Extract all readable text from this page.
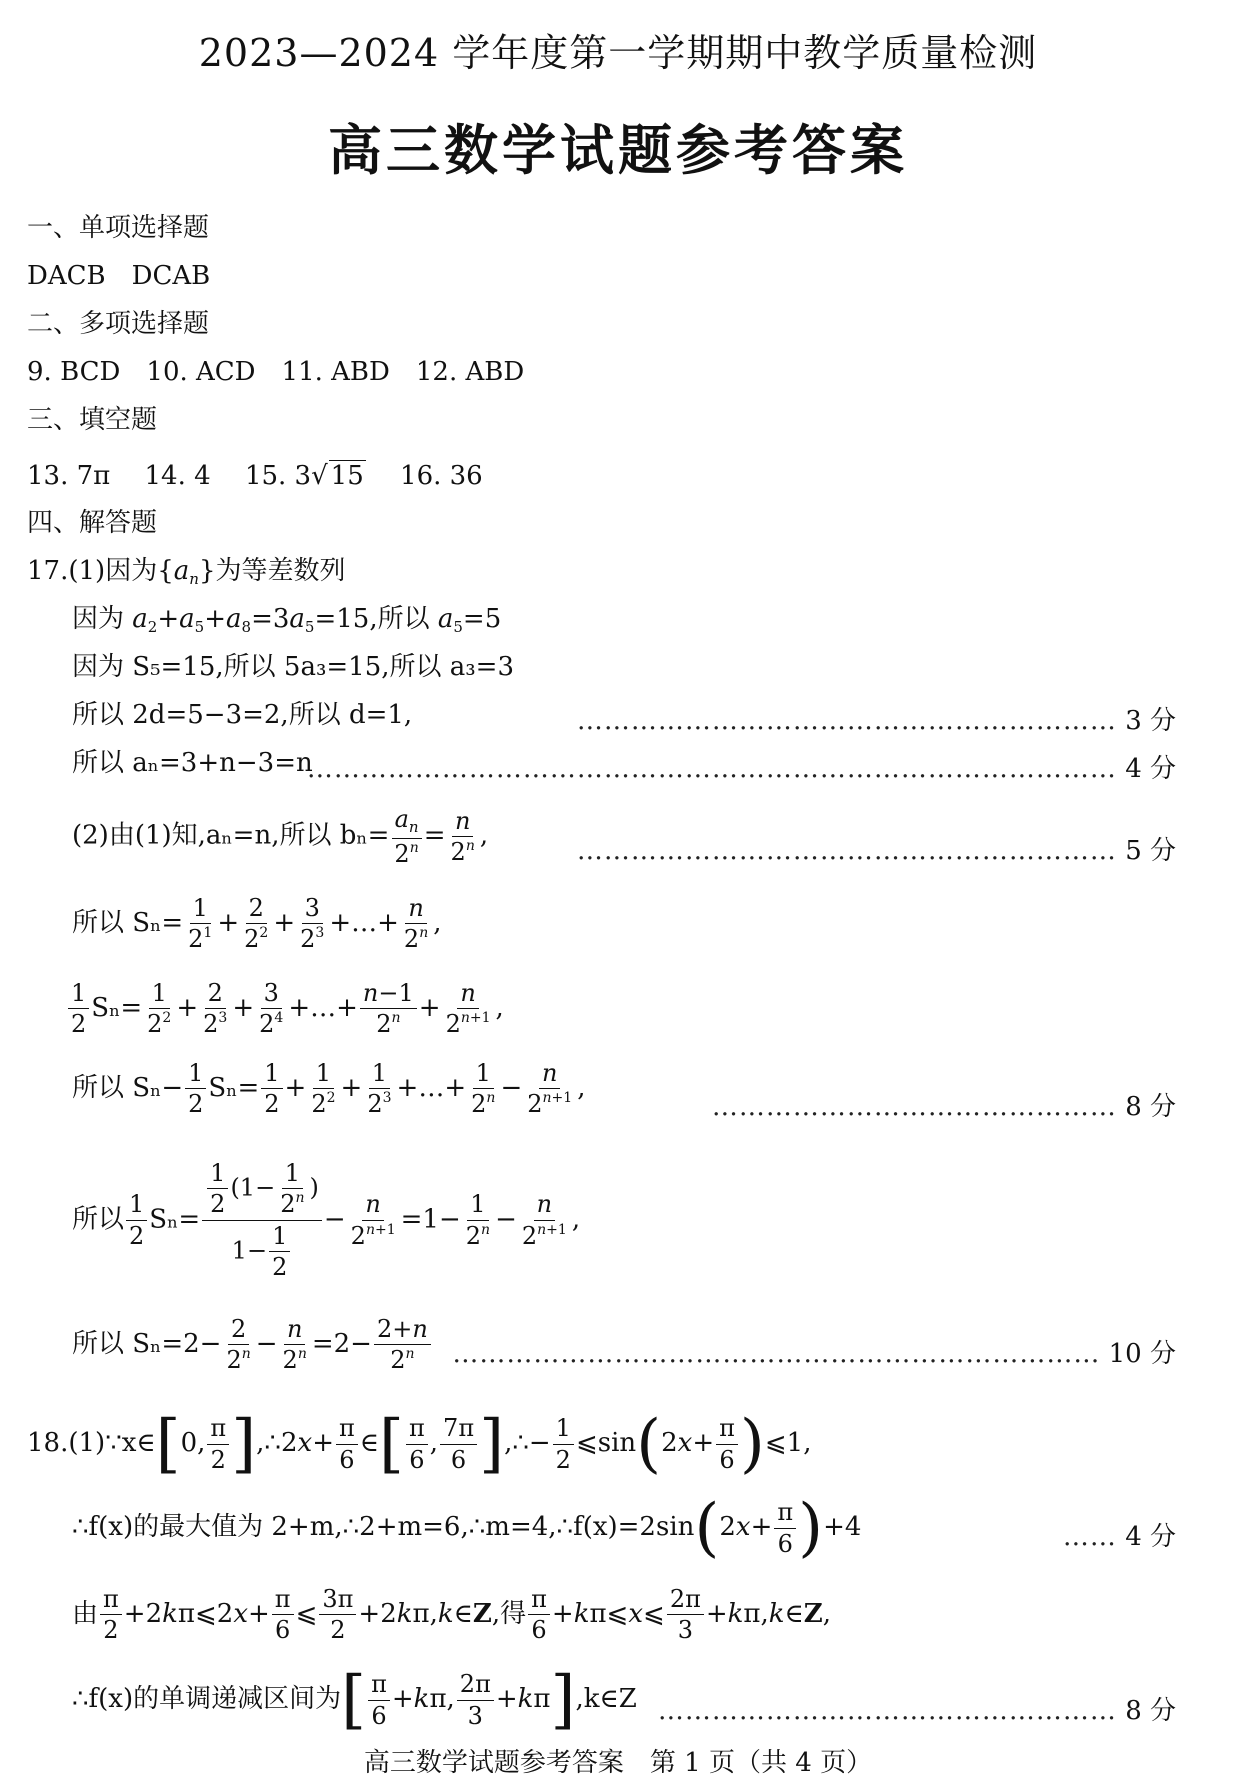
2023—2024 学年度第一学期期中教学质量检测
高三数学试题参考答案
一、单项选择题
DACB　DCAB
二、多项选择题
9. BCD　10. ACD　11. ABD　12. ABD
三、填空题
13. 7π　 14. 4　 15. 3√ 15　 16. 36
四、解答题
17.(1)因为$\{a_n\}$为等差数列
因为 $a_2+a_5+a_8=3a_5=15$,所以 $a_5=5$
因为 S₅=15,所以 5a₃=15,所以 a₃=3
所以 2d=5−3=2,所以 d=1,	…………………………………………………… 3 分
所以 aₙ=3+n−3=n
……………………………………………………………………………… 4 分
(2)由(1)知,aₙ=n,所以 $b_n= \frac{a_n}{2^n} = \frac{n}{2^n}$ ,
…………………………………………………… 5 分
所以 $S_n= \frac{1}{2^1} + \frac{2}{2^2} + \frac{3}{2^3}$ +…+ $\frac{n}{2^n}$ ,
$\frac{1}{2} S_n= \frac{1}{2^2} + \frac{2}{2^3} + \frac{3}{2^4}$ +…+ $\frac{n-1}{2^n} + \frac{n}{2^{n+1}}$ ,
所以 $S_n- \frac{1}{2} S_n= \frac{1}{2} + \frac{1}{2^2} + \frac{1}{2^3}$ +…+ $\frac{1}{2^n} - \frac{n}{2^{n+1}}$ ,
……………………………………… 8 分
所以 $\frac{1}{2} S_n= \frac{\frac{1}{2} (1- \frac{1}{2^n} )}{1- \frac{1}{2}} - \frac{n}{2^{n+1}} =1- \frac{1}{2^n} - \frac{n}{2^{n+1}}$ ,
所以 $S_n=2- \frac{2}{2^n} - \frac{n}{2^n} =2- \frac{2+n}{2^n}$ ……………………………………………………………… 10 分
18.(1)∵x∈[0, $\frac{\pi}{2}$ ],∴2x+ $\frac{\pi}{6}$ ∈[ $\frac{\pi}{6}$ , $\frac{7\pi}{6}$ ],∴− $\frac{1}{2}$ ⩽sin(2x+ $\frac{\pi}{6}$ )⩽1,
∴f(x)的最大值为 2+m,∴2+m=6,∴m=4,∴f(x)=2sin(2x+ $\frac{\pi}{6} )+4$	…… 4 分
由 $\frac{\pi}{2}$ +2kπ⩽2x+ $\frac{\pi}{6}$ ⩽ $\frac{3\pi}{2}$ +2kπ,k∈Z,得 $\frac{\pi}{6}$ +kπ⩽x⩽ $\frac{2\pi}{3}$ +kπ,k∈Z,
∴f(x)的单调递减区间为[ $\frac{\pi}{6} +k\pi$, $\frac{2\pi}{3}$ +kπ],k∈Z …………………………………………… 8 分
高三数学试题参考答案　第 1 页（共 4 页）
